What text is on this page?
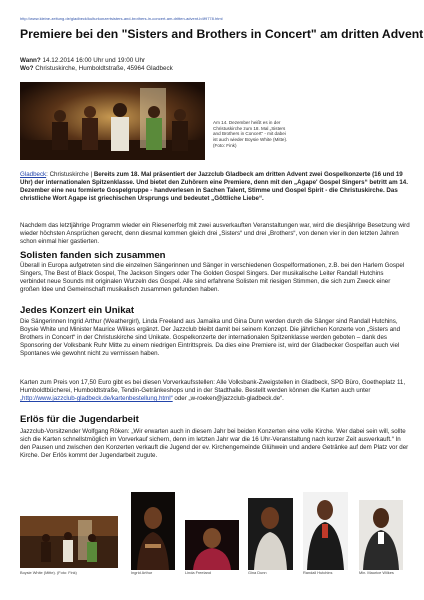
http://www.kleine-zeitung.de/gladbeck/kulturkonzertsisters-and-brothers-in-concert-am-dritten-advent-b4f9778.html
Premiere bei den "Sisters and Brothers in Concert" am dritten Advent
Wann? 14.12.2014 16:00 Uhr und 19:00 Uhr
Wo? Christuskirche, Humboldtstraße, 45964 Gladbeck
Am 14. Dezember heißt es in der Christuskirche zum 18. Mal „Sisters and Brothers in Concert“ - mit dabei ist auch wieder Boysie White (Mitte). (Foto: Fink)
Gladbeck: Christuskirche | Bereits zum 18. Mal präsentiert der Jazzclub Gladbeck am dritten Advent zwei Gospelkonzerte (16 und 19 Uhr) der internationalen Spitzenklasse. Und bietet den Zuhörern eine Premiere, denn mit den „Agape' Gospel Singers“ betritt am 14. Dezember eine neu formierte Gospelgruppe - handverlesen in Sachen Talent, Stimme und Gospel Spirit - die Christuskirche. Das christliche Wort Agape ist griechischen Ursprungs und bedeutet „Göttliche Liebe“.
Nachdem das letztjährige Programm wieder ein Riesenerfolg mit zwei ausverkauften Veranstaltungen war, wird die diesjährige Besetzung wird wieder höchsten Ansprüchen gerecht, denn diesmal kommen gleich drei „Sisters“ und drei „Brothers“, von denen vier in den letzten Jahren schon einmal hier gastierten.
Solisten fanden sich zusammen
Überall in Europa aufgetreten sind die einzelnen Sängerinnen und Sänger in verschiedenen Gospelformationen, z.B. bei den Harlem Gospel Singers, The Best of Black Gospel, The Jackson Singers oder The Golden Gospel Singers. Der musikalische Leiter Randall Hutchins verbindet neue Sounds mit originalen Wurzeln des Gospel. Alle sind erfahrene Solisten mit riesigen Stimmen, die sich zum Zweck einer großen Idee und Gemeinschaft musikalisch zusammen gefunden haben.
Jedes Konzert ein Unikat
Die Sängerinnen Ingrid Arthur (Weathergirl), Linda Freeland aus Jamaika und Gina Dunn werden durch die Sänger sind Randall Hutchins, Boysie White und Minister Maurice Wilkes ergänzt. Der Jazzclub bleibt damit bei seinem Konzept. Die jährlichen Konzerte von „Sisters and Brothers in Concert“ in der Christuskirche sind Unikate. Gospelkonzerte der internationalen Spitzenklasse werden geboten – dank des Sponsoring der Volksbank Ruhr Mitte zu einem niedrigen Eintrittspreis. Da dies eine Premiere ist, wird der Gladbecker Gospelfan auch viel Spontanes wie gewohnt nicht zu vermissen haben.
Karten zum Preis von 17,50 Euro gibt es bei diesen Vorverkaufsstellen: Alle Volksbank-Zweigstellen in Gladbeck, SPD Büro, Goetheplatz 11, Humboldtbücherei, Humboldtstraße, Tendin-Getränkeshops und in der Stadthalle. Bestellt werden können die Karten auch unter „http://www.jazzclub-gladbeck.de/kartenbestellung.html“ oder „w-roeken@jazzclub-gladbeck.de“.
Erlös für die Jugendarbeit
Jazzclub-Vorsitzender Wolfgang Röken: „Wir erwarten auch in diesem Jahr bei beiden Konzerten eine volle Kirche. Wer dabei sein will, sollte sich die Karten schnellstmöglich im Vorverkauf sichern, denn im letzten Jahr war die 16 Uhr-Veranstaltung nach kurzer Zeit ausverkauft.“ In den Pausen und zwischen den Konzerten verkauft die Jugend der ev. Kirchengemeinde Glühwein und andere Getränke auf dem Platz vor der Kirche. Der Erlös kommt der Jugendarbeit zugute.
Boysie White (Mitte). (Foto: Fink)	Ingrid Arthur	Linda Freeland	Gina Dunn	Randall Hutchins	Min. Maurice Wilkes
